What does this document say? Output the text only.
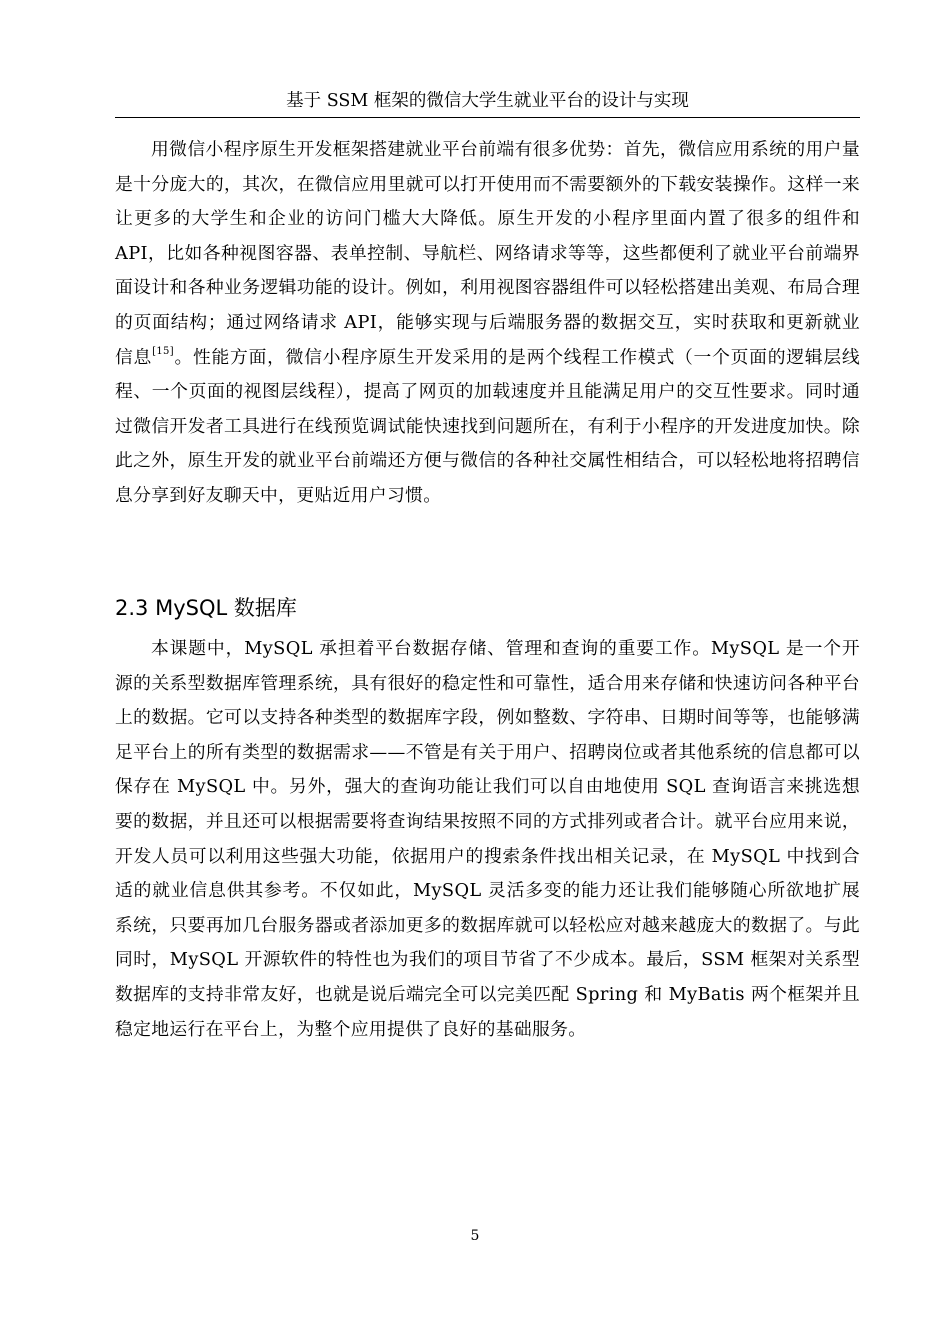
基于 SSM 框架的微信大学生就业平台的设计与实现

用微信小程序原生开发框架搭建就业平台前端有很多优势：首先，微信应用系统的用户量是十分庞大的，其次，在微信应用里就可以打开使用而不需要额外的下载安装操作。这样一来让更多的大学生和企业的访问门槛大大降低。原生开发的小程序里面内置了很多的组件和 API，比如各种视图容器、表单控制、导航栏、网络请求等等，这些都便利了就业平台前端界面设计和各种业务逻辑功能的设计。例如，利用视图容器组件可以轻松搭建出美观、布局合理的页面结构；通过网络请求 API，能够实现与后端服务器的数据交互，实时获取和更新就业信息[15]。性能方面，微信小程序原生开发采用的是两个线程工作模式（一个页面的逻辑层线程、一个页面的视图层线程），提高了网页的加载速度并且能满足用户的交互性要求。同时通过微信开发者工具进行在线预览调试能快速找到问题所在，有利于小程序的开发进度加快。除此之外，原生开发的就业平台前端还方便与微信的各种社交属性相结合，可以轻松地将招聘信息分享到好友聊天中，更贴近用户习惯。

2.3 MySQL 数据库

本课题中，MySQL 承担着平台数据存储、管理和查询的重要工作。MySQL 是一个开源的关系型数据库管理系统，具有很好的稳定性和可靠性，适合用来存储和快速访问各种平台上的数据。它可以支持各种类型的数据库字段，例如整数、字符串、日期时间等等，也能够满足平台上的所有类型的数据需求——不管是有关于用户、招聘岗位或者其他系统的信息都可以保存在 MySQL 中。另外，强大的查询功能让我们可以自由地使用 SQL 查询语言来挑选想要的数据，并且还可以根据需要将查询结果按照不同的方式排列或者合计。就平台应用来说，开发人员可以利用这些强大功能，依据用户的搜索条件找出相关记录，在 MySQL 中找到合适的就业信息供其参考。不仅如此，MySQL 灵活多变的能力还让我们能够随心所欲地扩展系统，只要再加几台服务器或者添加更多的数据库就可以轻松应对越来越庞大的数据了。与此同时，MySQL 开源软件的特性也为我们的项目节省了不少成本。最后，SSM 框架对关系型数据库的支持非常友好，也就是说后端完全可以完美匹配 Spring 和 MyBatis 两个框架并且稳定地运行在平台上，为整个应用提供了良好的基础服务。

5
